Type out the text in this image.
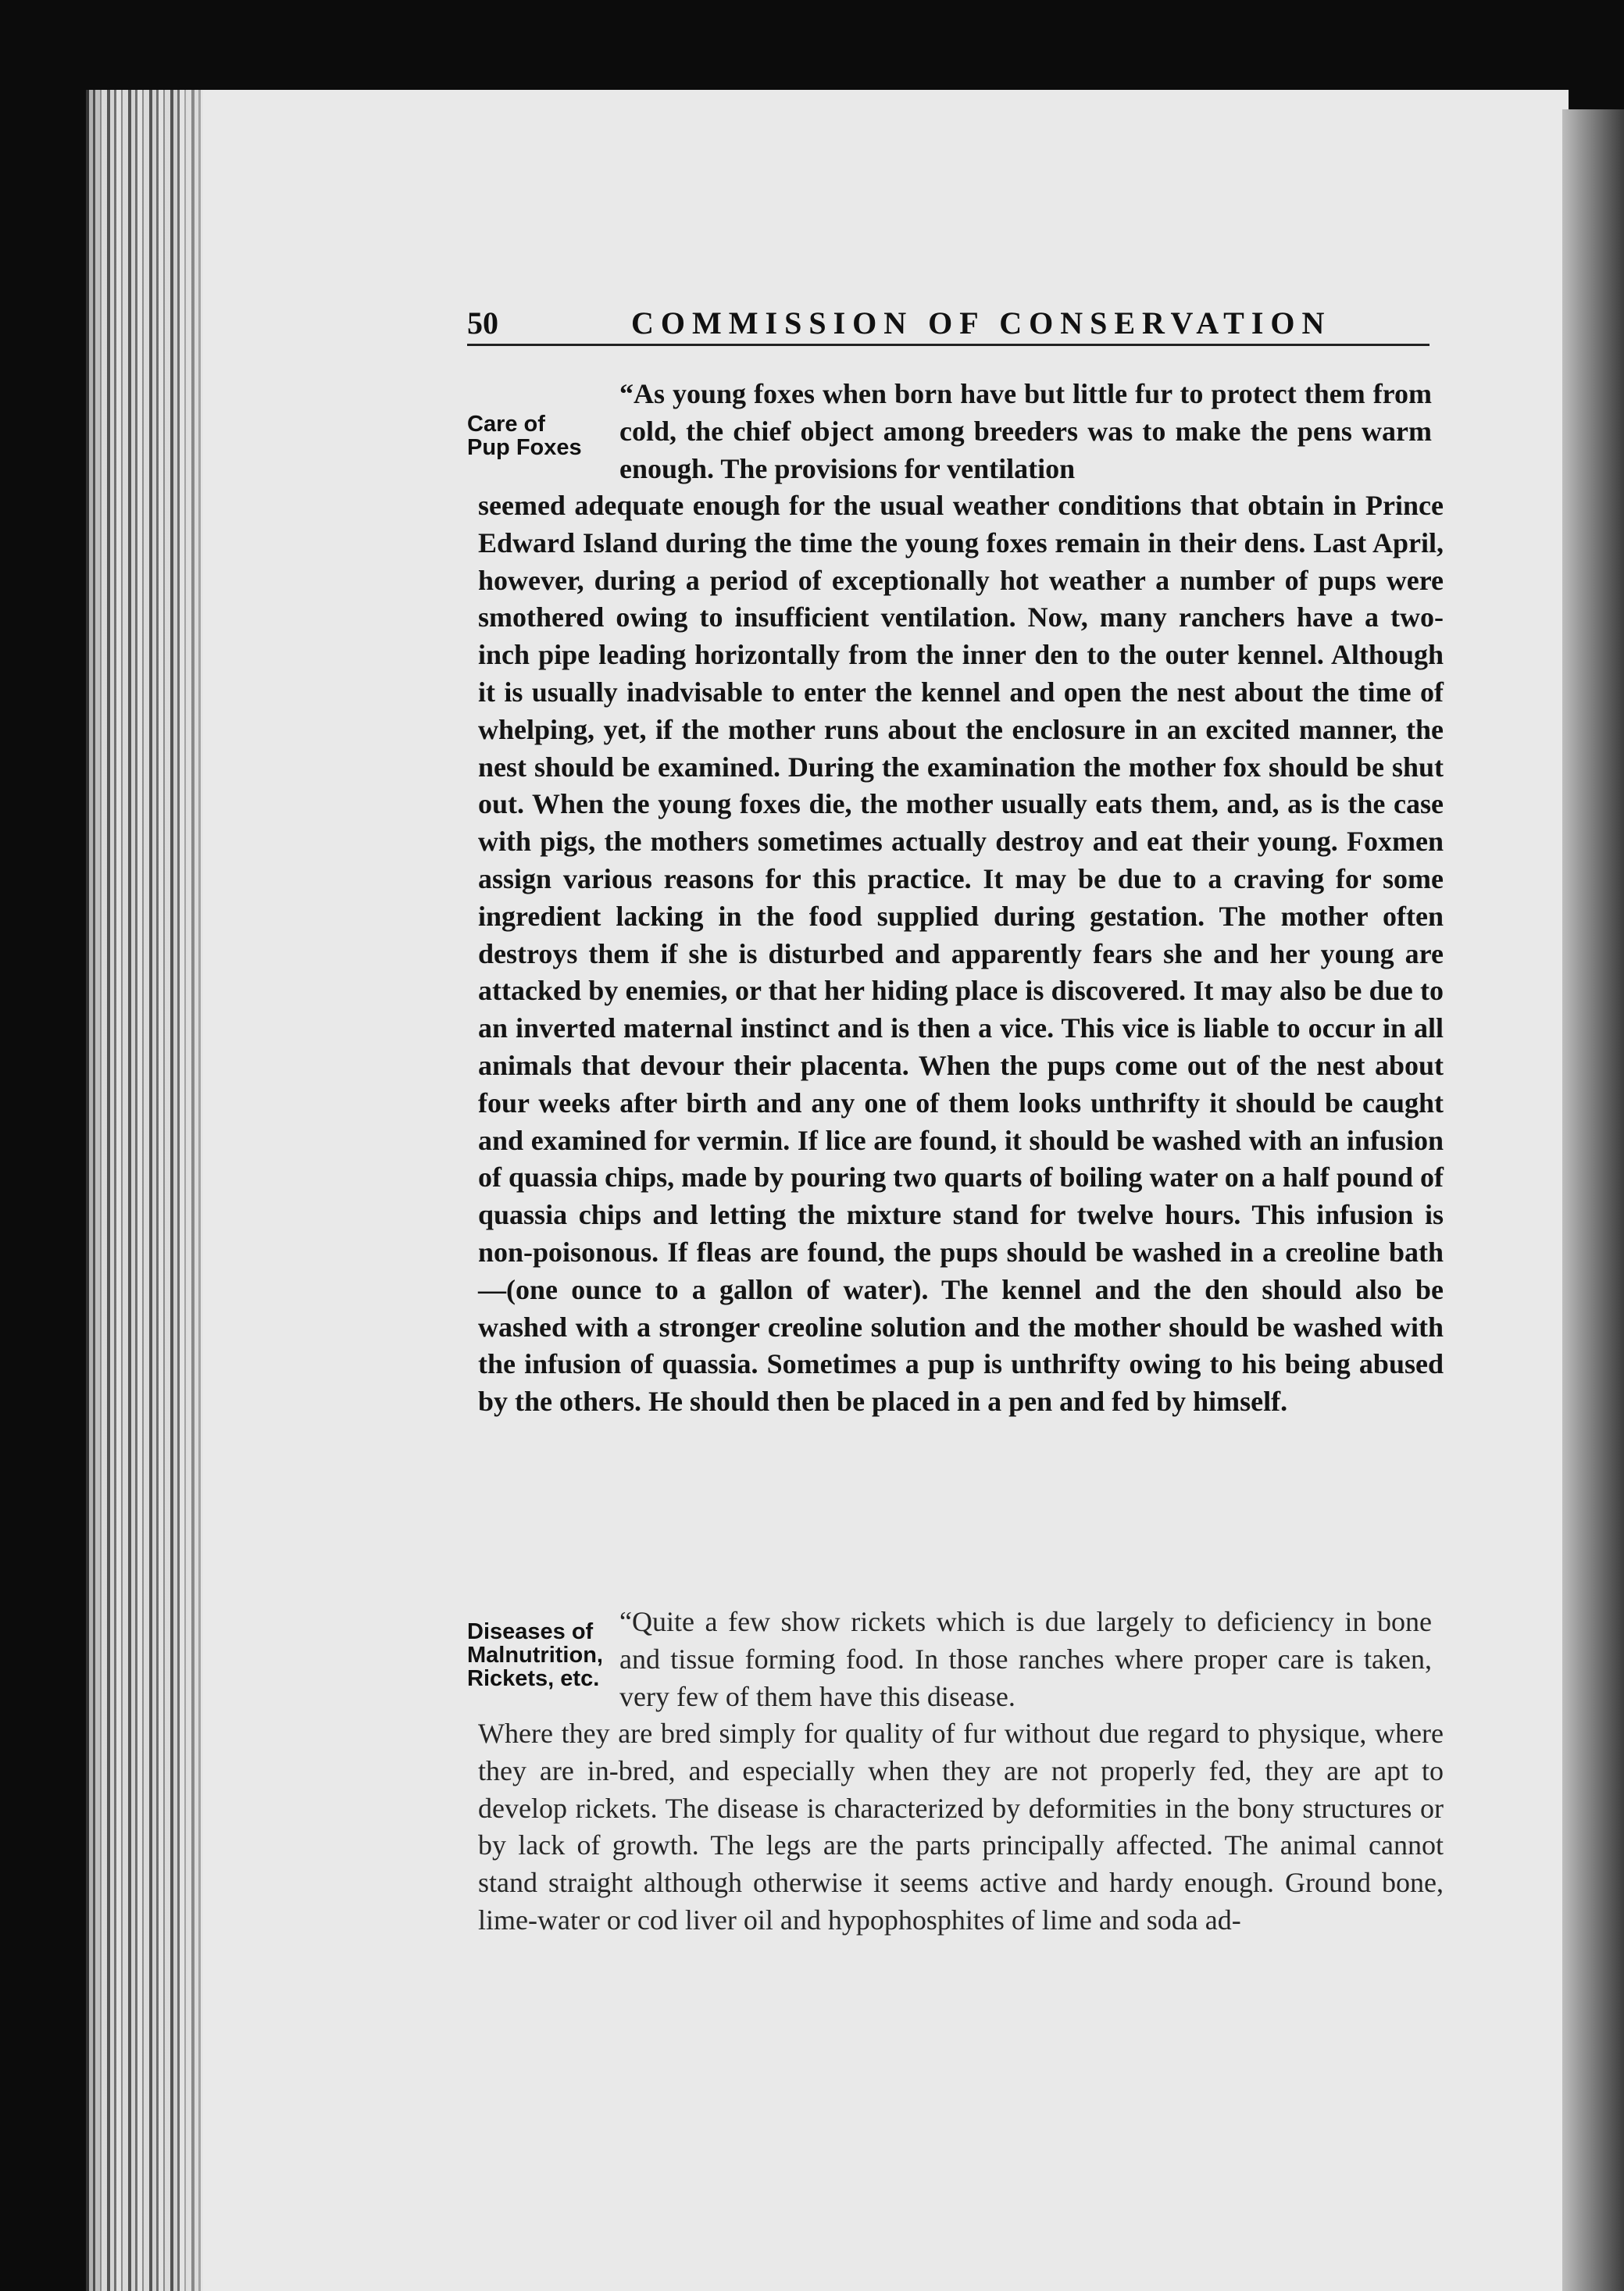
50	COMMISSION OF CONSERVATION
Care of
Pup Foxes

“As young foxes when born have but little fur to protect them from cold, the chief object among breeders was to make the pens warm enough. The provisions for ventilation

seemed adequate enough for the usual weather conditions that obtain in Prince Edward Island during the time the young foxes remain in their dens. Last April, however, during a period of exceptionally hot weather a number of pups were smothered owing to insufficient ventilation. Now, many ranchers have a two-inch pipe leading horizontally from the inner den to the outer kennel. Although it is usually inadvisable to enter the kennel and open the nest about the time of whelping, yet, if the mother runs about the enclosure in an excited manner, the nest should be examined. During the examination the mother fox should be shut out. When the young foxes die, the mother usually eats them, and, as is the case with pigs, the mothers sometimes actually destroy and eat their young. Foxmen assign various reasons for this practice. It may be due to a craving for some ingredient lacking in the food supplied during gestation. The mother often destroys them if she is disturbed and apparently fears she and her young are attacked by enemies, or that her hiding place is discovered. It may also be due to an inverted maternal instinct and is then a vice. This vice is liable to occur in all animals that devour their placenta. When the pups come out of the nest about four weeks after birth and any one of them looks unthrifty it should be caught and examined for vermin. If lice are found, it should be washed with an infusion of quassia chips, made by pouring two quarts of boiling water on a half pound of quassia chips and letting the mixture stand for twelve hours. This infusion is non-poisonous. If fleas are found, the pups should be washed in a creoline bath—(one ounce to a gallon of water). The kennel and the den should also be washed with a stronger creoline solution and the mother should be washed with the infusion of quassia. Sometimes a pup is unthrifty owing to his being abused by the others. He should then be placed in a pen and fed by himself.

Diseases of
Malnutrition,
Rickets, etc.

“Quite a few show rickets which is due largely to deficiency in bone and tissue forming food. In those ranches where proper care is taken, very few of them have this disease.

Where they are bred simply for quality of fur without due regard to physique, where they are in-bred, and especially when they are not properly fed, they are apt to develop rickets. The disease is characterized by deformities in the bony structures or by lack of growth. The legs are the parts principally affected. The animal cannot stand straight although otherwise it seems active and hardy enough. Ground bone, lime-water or cod liver oil and hypophosphites of lime and soda ad-
